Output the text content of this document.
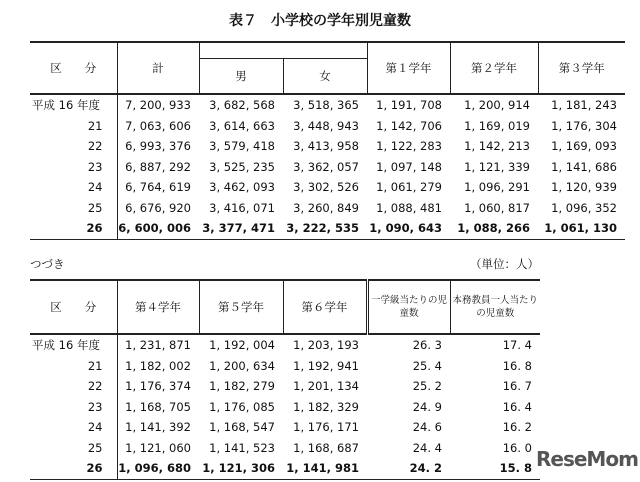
表７　小学校の学年別児童数
区　　分	計			第１学年	第２学年	第３学年
		男	女			
平成 16 年度	7, 200, 933	3, 682, 568	3, 518, 365	1, 191, 708	1, 200, 914	1, 181, 243
21	7, 063, 606	3, 614, 663	3, 448, 943	1, 142, 706	1, 169, 019	1, 176, 304
22	6, 993, 376	3, 579, 418	3, 413, 958	1, 122, 283	1, 142, 213	1, 169, 093
23	6, 887, 292	3, 525, 235	3, 362, 057	1, 097, 148	1, 121, 339	1, 141, 686
24	6, 764, 619	3, 462, 093	3, 302, 526	1, 061, 279	1, 096, 291	1, 120, 939
25	6, 676, 920	3, 416, 071	3, 260, 849	1, 088, 481	1, 060, 817	1, 096, 352
26	6, 600, 006	3, 377, 471	3, 222, 535	1, 090, 643	1, 088, 266	1, 061, 130
つづき	（単位：人）
区　　分	第４学年	第５学年	第６学年	一学級当たりの児童数	本務教員一人当たりの児童数
平成 16 年度	1, 231, 871	1, 192, 004	1, 203, 193	26. 3	17. 4
21	1, 182, 002	1, 200, 634	1, 192, 941	25. 4	16. 8
22	1, 176, 374	1, 182, 279	1, 201, 134	25. 2	16. 7
23	1, 168, 705	1, 176, 085	1, 182, 329	24. 9	16. 4
24	1, 141, 392	1, 168, 547	1, 176, 171	24. 6	16. 2
25	1, 121, 060	1, 141, 523	1, 168, 687	24. 4	16. 0
26	1, 096, 680	1, 121, 306	1, 141, 981	24. 2	15. 8 ReseMom
